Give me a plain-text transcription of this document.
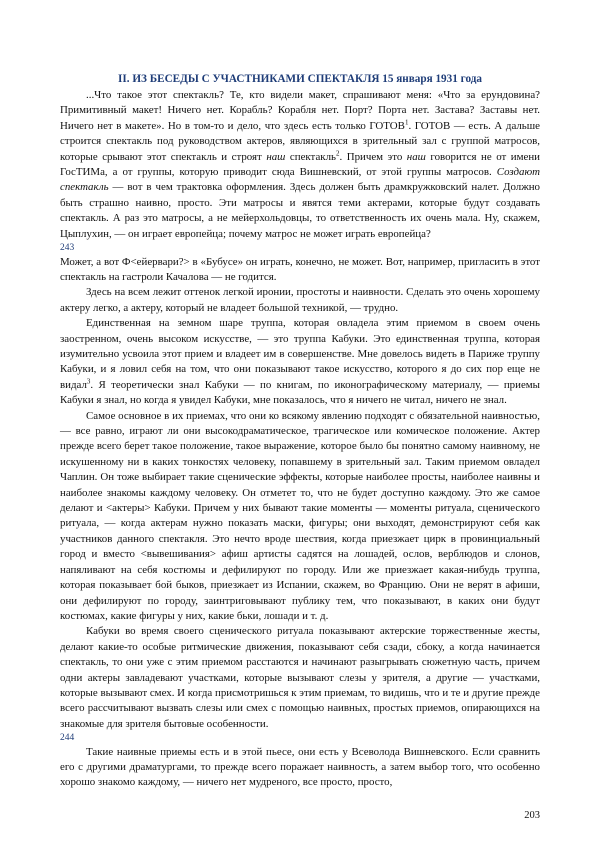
II. ИЗ БЕСЕДЫ С УЧАСТНИКАМИ СПЕКТАКЛЯ 15 января 1931 года

...Что такое этот спектакль? Те, кто видели макет, спрашивают меня: «Что за ерундовина? Примитивный макет! Ничего нет. Корабль? Корабля нет. Порт? Порта нет. Застава? Заставы нет. Ничего нет в макете». Но в том-то и дело, что здесь есть только ГОТОВ$^1$. ГОТОВ — есть. А дальше строится спектакль под руководством актеров, являющихся в зрительный зал с группой матросов, которые срывают этот спектакль и строят наш спектакль$^2$. Причем это наш говорится не от имени ГосТИМа, а от группы, которую приводит сюда Вишневский, от этой группы матросов. Создают спектакль — вот в чем трактовка оформления. Здесь должен быть драмкружковский налет. Должно быть страшно наивно, просто. Эти матросы и явятся теми актерами, которые будут создавать спектакль. А раз это матросы, а не мейерхольдовцы, то ответственность их очень мала. Ну, скажем, Цыплухин, — он играет европейца; почему матрос не может играть европейца?

243

Может, а вот Ф<ейервари?> в «Бубусе» он играть, конечно, не может. Вот, например, пригласить в этот спектакль на гастроли Качалова — не годится.

Здесь на всем лежит оттенок легкой иронии, простоты и наивности. Сделать это очень хорошему актеру легко, а актеру, который не владеет большой техникой, — трудно.

Единственная на земном шаре труппа, которая овладела этим приемом в своем очень заостренном, очень высоком искусстве, — это труппа Кабуки. Это единственная труппа, которая изумительно усвоила этот прием и владеет им в совершенстве. Мне довелось видеть в Париже труппу Кабуки, и я ловил себя на том, что они показывают такое искусство, которого я до сих пор еще не видал$^3$. Я теоретически знал Кабуки — по книгам, по иконографическому материалу, — приемы Кабуки я знал, но когда я увидел Кабуки, мне показалось, что я ничего не читал, ничего не знал.

Самое основное в их приемах, что они ко всякому явлению подходят с обязательной наивностью, — все равно, играют ли они высокодраматическое, трагическое или комическое положение. Актер прежде всего берет такое положение, такое выражение, которое было бы понятно самому наивному, не искушенному ни в каких тонкостях человеку, попавшему в зрительный зал. Таким приемом овладел Чаплин. Он тоже выбирает такие сценические эффекты, которые наиболее просты, наиболее наивны и наиболее знакомы каждому человеку. Он отметет то, что не будет доступно каждому. Это же самое делают и <актеры> Кабуки. Причем у них бывают такие моменты — моменты ритуала, сценического ритуала, — когда актерам нужно показать маски, фигуры; они выходят, демонстрируют себя как участников данного спектакля. Это нечто вроде шествия, когда приезжает цирк в провинциальный город и вместо <вывешивания> афиш артисты садятся на лошадей, ослов, верблюдов и слонов, напяливают на себя костюмы и дефилируют по городу. Или же приезжает какая-нибудь труппа, которая показывает бой быков, приезжает из Испании, скажем, во Францию. Они не верят в афиши, они дефилируют по городу, заинтриговывают публику тем, что показывают, в каких они будут костюмах, какие фигуры у них, какие бьки, лошади и т. д.

Кабуки во время своего сценического ритуала показывают актерские торжественные жесты, делают какие-то особые ритмические движения, показывают себя сзади, сбоку, а когда начинается спектакль, то они уже с этим приемом расстаются и начинают разыгрывать сюжетную часть, причем одни актеры завладевают участками, которые вызывают слезы у зрителя, а другие — участками, которые вызывают смех. И когда присмотришься к этим приемам, то видишь, что и те и другие прежде всего рассчитывают вызвать слезы или смех с помощью наивных, простых приемов, опирающихся на знакомые для зрителя бытовые особенности.

244

Такие наивные приемы есть и в этой пьесе, они есть у Всеволода Вишневского. Если сравнить его с другими драматургами, то прежде всего поражает наивность, а затем выбор того, что особенно хорошо знакомо каждому, — ничего нет мудреного, все просто, просто,

203
